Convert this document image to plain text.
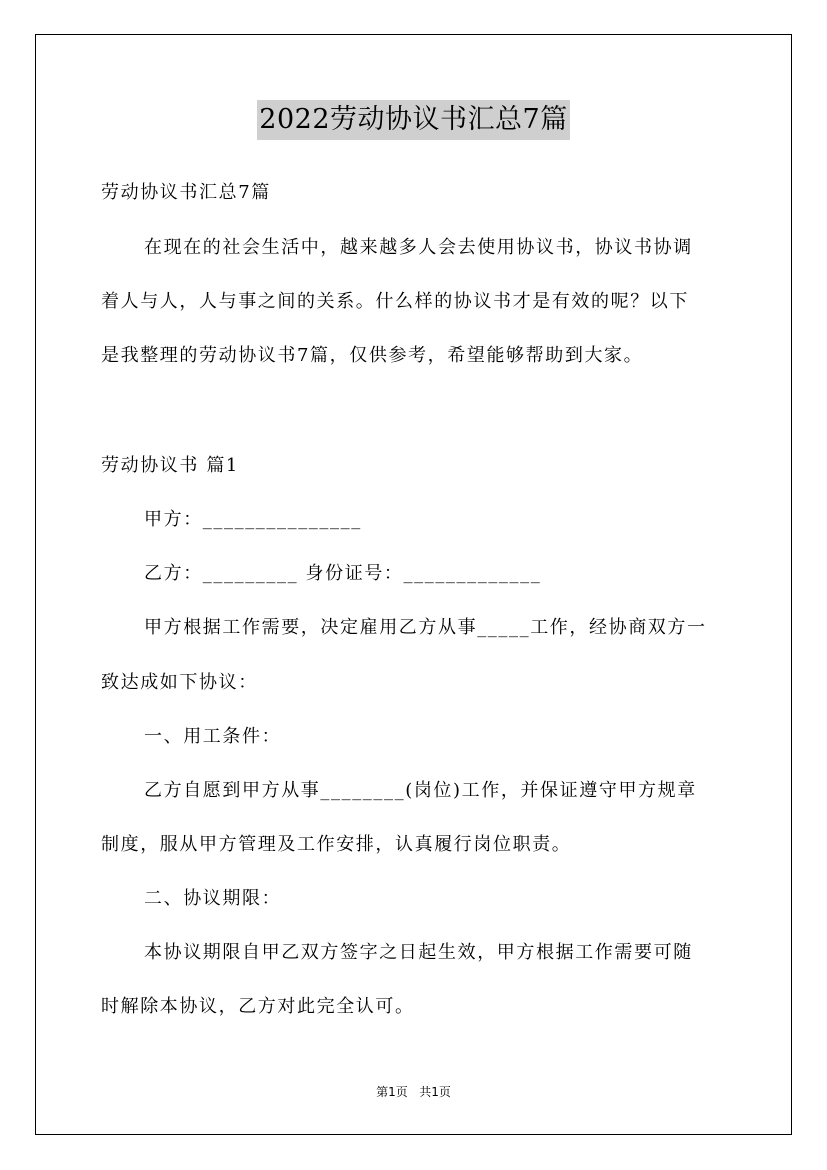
2022劳动协议书汇总7篇
劳动协议书汇总7篇
在现在的社会生活中，越来越多人会去使用协议书，协议书协调
着人与人，人与事之间的关系。什么样的协议书才是有效的呢？以下
是我整理的劳动协议书7篇，仅供参考，希望能够帮助到大家。
劳动协议书 篇1
甲方：_______________
乙方：_________ 身份证号：_____________
甲方根据工作需要，决定雇用乙方从事_____工作，经协商双方一
致达成如下协议：
一、用工条件：
乙方自愿到甲方从事________(岗位)工作，并保证遵守甲方规章
制度，服从甲方管理及工作安排，认真履行岗位职责。
二、协议期限：
本协议期限自甲乙双方签字之日起生效，甲方根据工作需要可随
时解除本协议，乙方对此完全认可。
第1页 共1页
